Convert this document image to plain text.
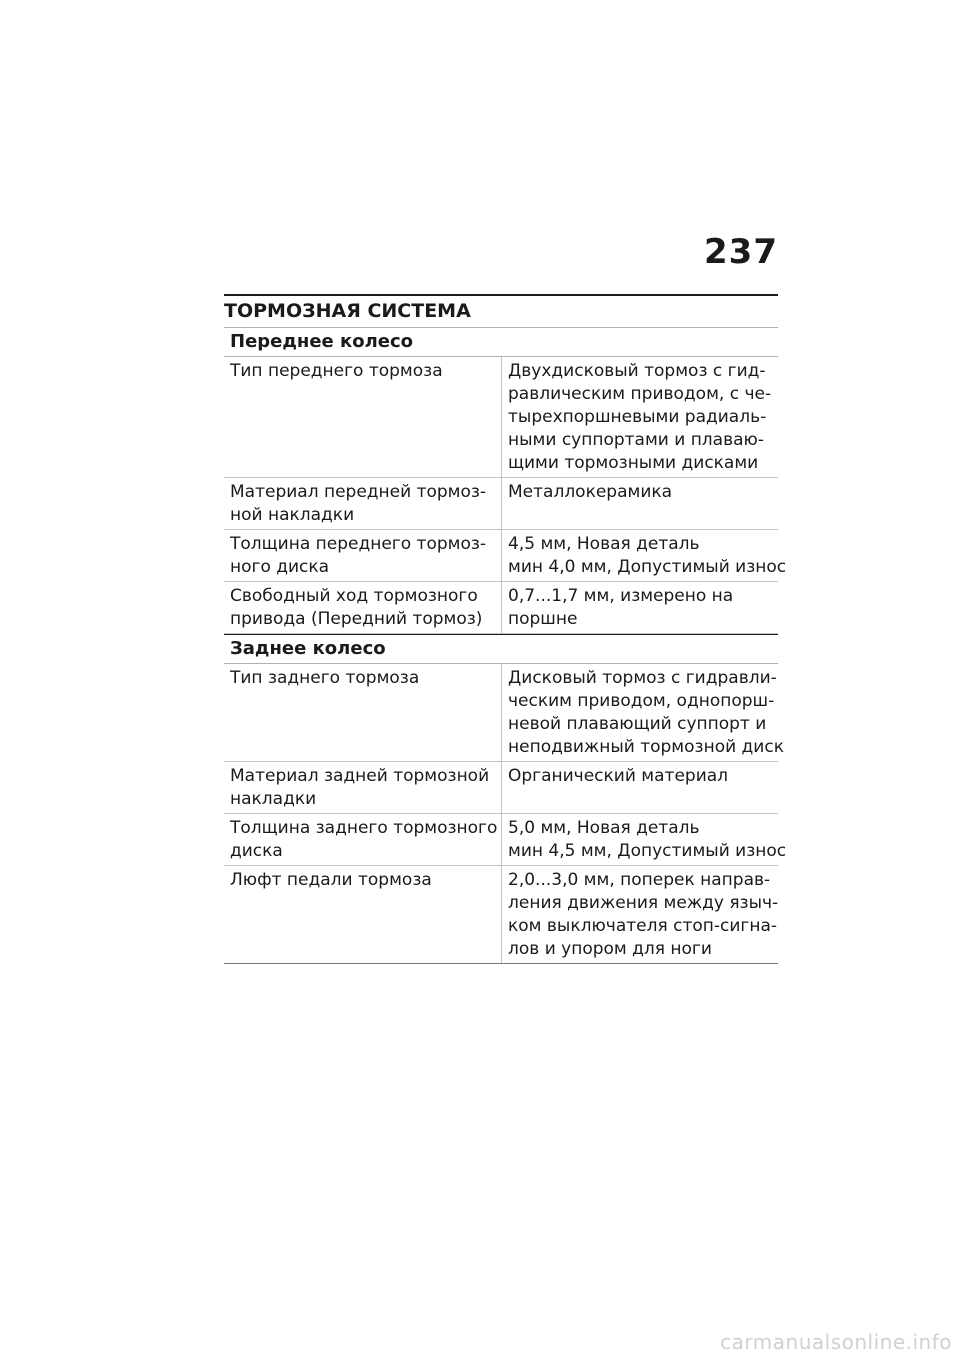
237
ТОРМОЗНАЯ СИСТЕМА
Переднее колесо
Тип переднего тормоза	Двухдисковый тормоз с гид-
равлическим приводом, с че-
тырехпоршневыми радиаль-
ными суппортами и плаваю-
щими тормозными дисками

Материал передней тормоз-
ной накладки	Металлокерамика

Толщина переднего тормоз-
ного диска	4,5 мм, Новая деталь
мин 4,0 мм, Допустимый износ

Свободный ход тормозного
привода (Передний тормоз)	0,7...1,7 мм, измерено на
поршне
Заднее колесо
Тип заднего тормоза	Дисковый тормоз с гидравли-
ческим приводом, однопорш-
невой плавающий суппорт и
неподвижный тормозной диск

Материал задней тормозной
накладки	Органический материал

Толщина заднего тормозного
диска	5,0 мм, Новая деталь
мин 4,5 мм, Допустимый износ

Люфт педали тормоза	2,0...3,0 мм, поперек направ-
ления движения между языч-
ком выключателя стоп-сигна-
лов и упором для ноги
carmanualsonline.info
